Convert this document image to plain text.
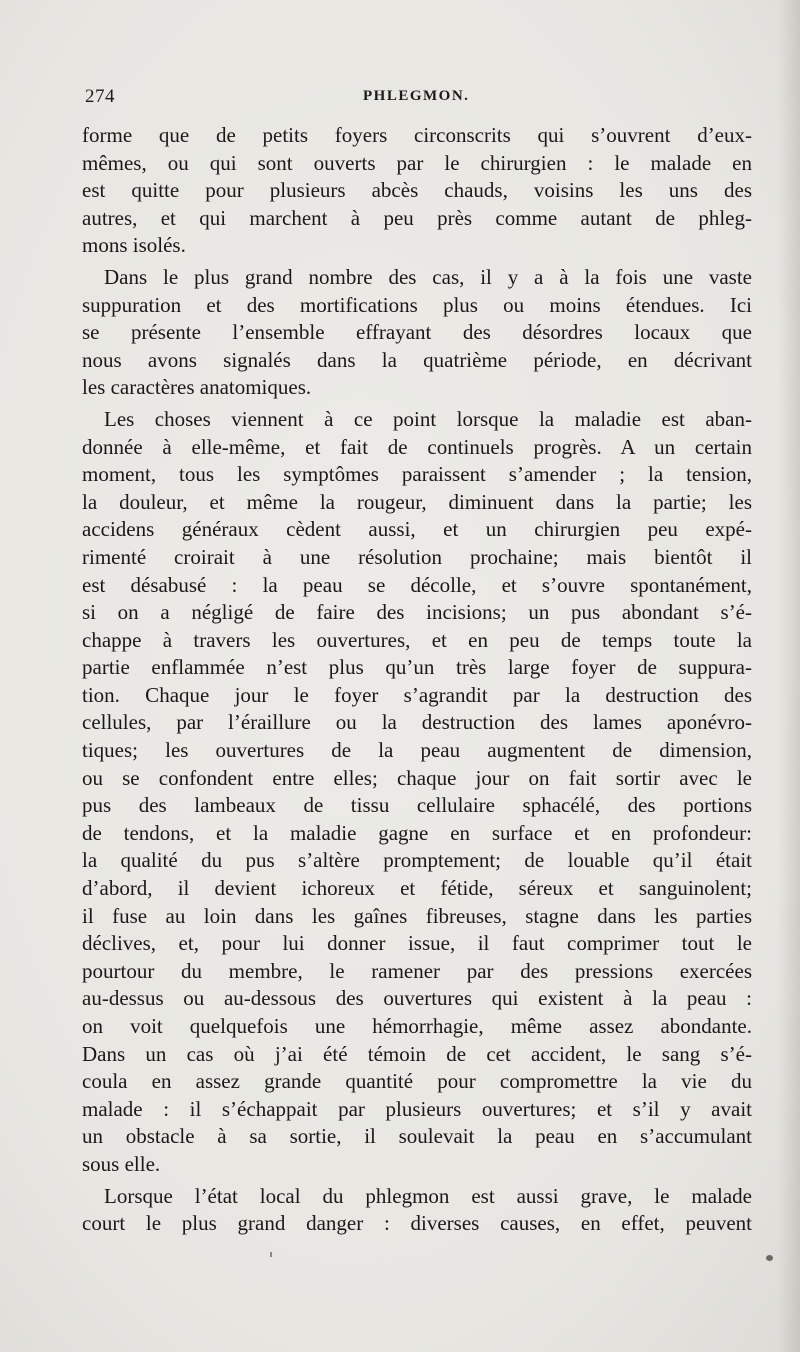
274	PHLEGMON.

forme que de petits foyers circonscrits qui s’ouvrent d’eux-
mêmes, ou qui sont ouverts par le chirurgien : le malade en
est quitte pour plusieurs abcès chauds, voisins les uns des
autres, et qui marchent à peu près comme autant de phleg-
mons isolés.

Dans le plus grand nombre des cas, il y a à la fois une vaste
suppuration et des mortifications plus ou moins étendues. Ici
se présente l’ensemble effrayant des désordres locaux que
nous avons signalés dans la quatrième période, en décrivant
les caractères anatomiques.

Les choses viennent à ce point lorsque la maladie est aban-
donnée à elle-même, et fait de continuels progrès. A un certain
moment, tous les symptômes paraissent s’amender ; la tension,
la douleur, et même la rougeur, diminuent dans la partie; les
accidens généraux cèdent aussi, et un chirurgien peu expé-
rimenté croirait à une résolution prochaine; mais bientôt il
est désabusé : la peau se décolle, et s’ouvre spontanément,
si on a négligé de faire des incisions; un pus abondant s’é-
chappe à travers les ouvertures, et en peu de temps toute la
partie enflammée n’est plus qu’un très large foyer de suppura-
tion. Chaque jour le foyer s’agrandit par la destruction des
cellules, par l’éraillure ou la destruction des lames aponévro-
tiques; les ouvertures de la peau augmentent de dimension,
ou se confondent entre elles; chaque jour on fait sortir avec le
pus des lambeaux de tissu cellulaire sphacélé, des portions
de tendons, et la maladie gagne en surface et en profondeur:
la qualité du pus s’altère promptement; de louable qu’il était
d’abord, il devient ichoreux et fétide, séreux et sanguinolent;
il fuse au loin dans les gaînes fibreuses, stagne dans les parties
déclives, et, pour lui donner issue, il faut comprimer tout le
pourtour du membre, le ramener par des pressions exercées
au-dessus ou au-dessous des ouvertures qui existent à la peau :
on voit quelquefois une hémorrhagie, même assez abondante.
Dans un cas où j’ai été témoin de cet accident, le sang s’é-
coula en assez grande quantité pour compromettre la vie du
malade : il s’échappait par plusieurs ouvertures; et s’il y avait
un obstacle à sa sortie, il soulevait la peau en s’accumulant
sous elle.

Lorsque l’état local du phlegmon est aussi grave, le malade
court le plus grand danger : diverses causes, en effet, peuvent
